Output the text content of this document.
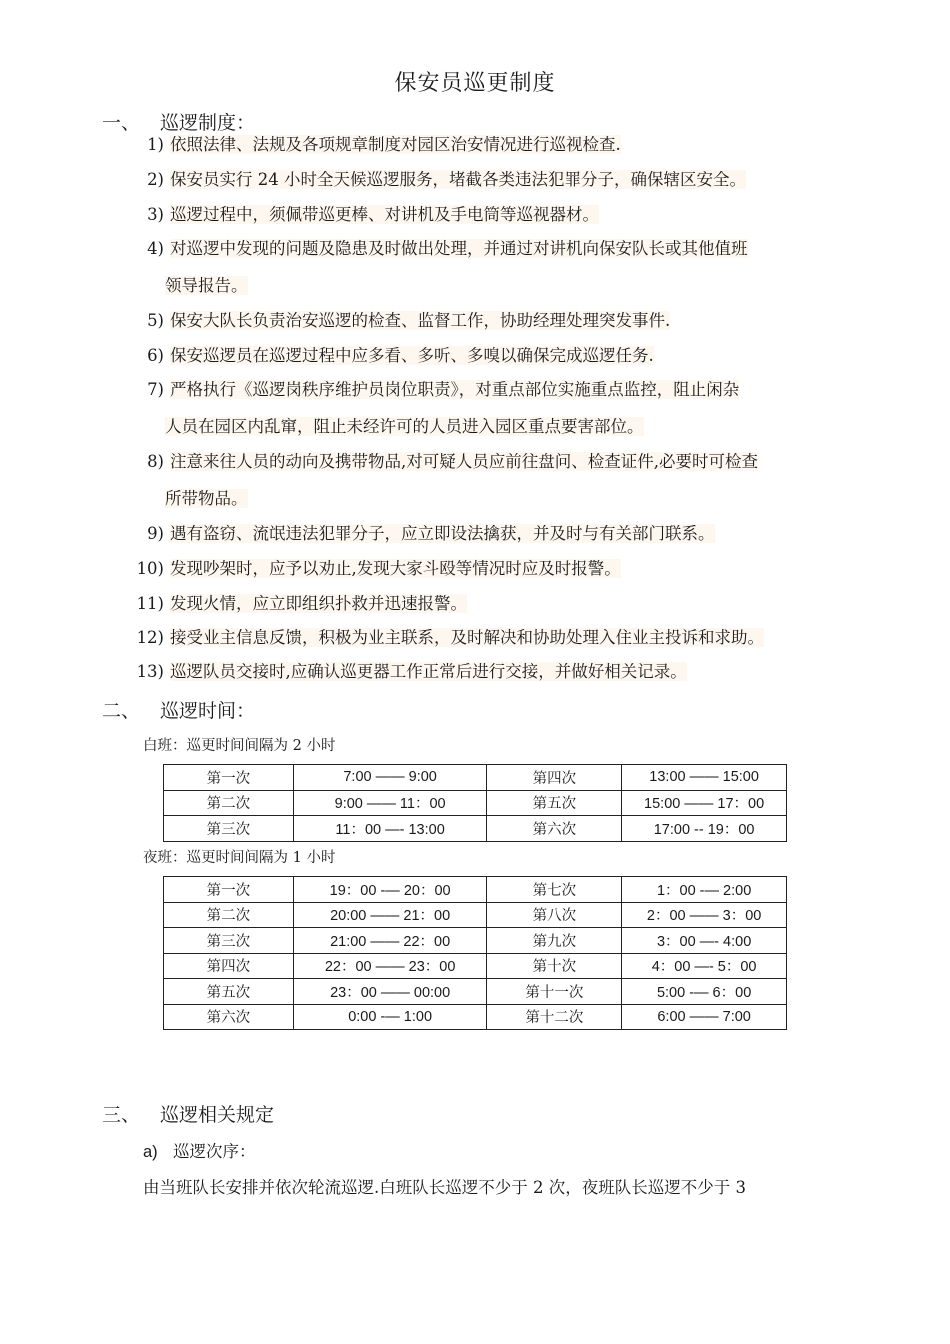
保安员巡更制度
一、 巡逻制度：
1) 依照法律、法规及各项规章制度对园区治安情况进行巡视检查.
2) 保安员实行 24 小时全天候巡逻服务，堵截各类违法犯罪分子，确保辖区安全。
3) 巡逻过程中，须佩带巡更棒、对讲机及手电筒等巡视器材。
4) 对巡逻中发现的问题及隐患及时做出处理，并通过对讲机向保安队长或其他值班
领导报告。
5) 保安大队长负责治安巡逻的检查、监督工作，协助经理处理突发事件.
6) 保安巡逻员在巡逻过程中应多看、多听、多嗅以确保完成巡逻任务.
7) 严格执行《巡逻岗秩序维护员岗位职责》，对重点部位实施重点监控，阻止闲杂
人员在园区内乱窜，阻止未经许可的人员进入园区重点要害部位。
8) 注意来往人员的动向及携带物品,对可疑人员应前往盘问、检查证件,必要时可检查
所带物品。
9) 遇有盗窃、流氓违法犯罪分子，应立即设法擒获，并及时与有关部门联系。
10) 发现吵架时，应予以劝止,发现大家斗殴等情况时应及时报警。
11) 发现火情，应立即组织扑救并迅速报警。
12) 接受业主信息反馈，积极为业主联系，及时解决和协助处理入住业主投诉和求助。
13) 巡逻队员交接时,应确认巡更器工作正常后进行交接，并做好相关记录。
二、 巡逻时间：
白班：巡更时间间隔为 2 小时
第一次	7:00 —— 9:00	第四次	13:00 —— 15:00
第二次	9:00 —— 11：00	第五次	15:00 —— 17：00
第三次	11：00 —- 13:00	第六次	17:00 -- 19：00
夜班：巡更时间间隔为 1 小时
第一次	19：00 -— 20：00	第七次	1：00 -— 2:00
第二次	20:00 —— 21：00	第八次	2：00 —— 3：00
第三次	21:00 —— 22：00	第九次	3：00 —- 4:00
第四次	22：00 —— 23：00	第十次	4：00 —- 5：00
第五次	23：00 —— 00:00	第十一次	5:00 -— 6：00
第六次	0:00 -— 1:00	第十二次	6:00 —— 7:00
三、 巡逻相关规定
a) 巡逻次序：
由当班队长安排并依次轮流巡逻.白班队长巡逻不少于 2 次，夜班队长巡逻不少于 3
